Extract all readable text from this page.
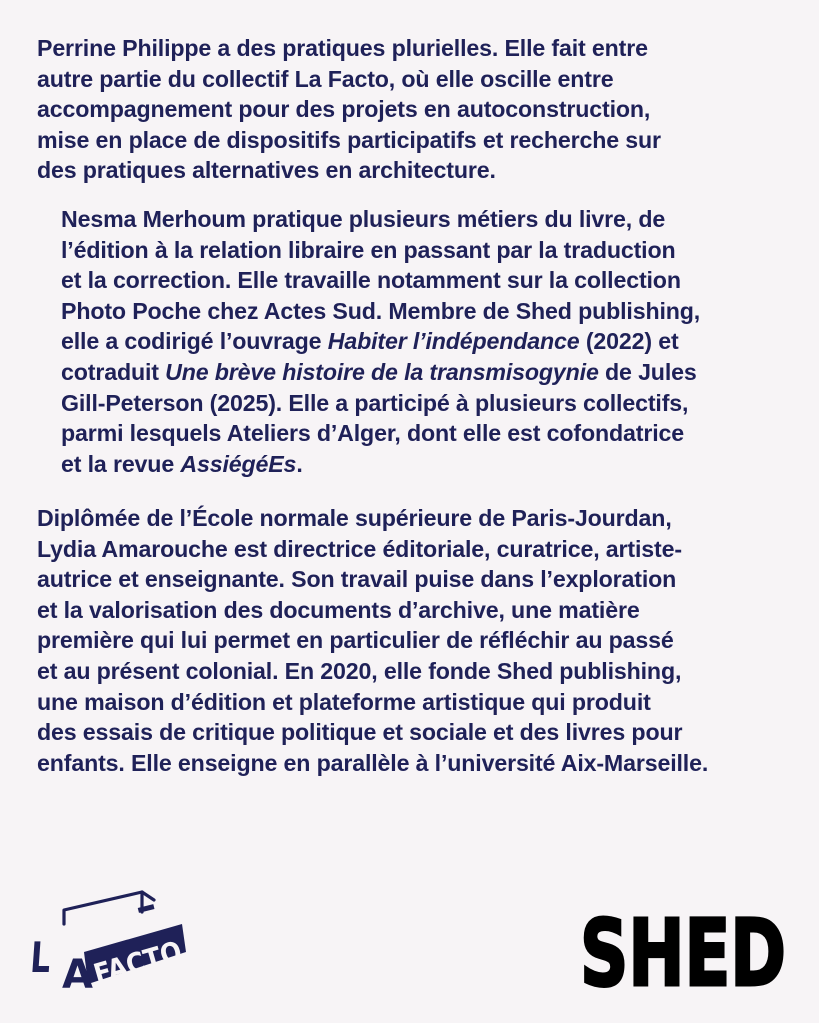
Perrine Philippe a des pratiques plurielles. Elle fait entre
autre partie du collectif La Facto, où elle oscille entre
accompagnement pour des projets en autoconstruction,
mise en place de dispositifs participatifs et recherche sur
des pratiques alternatives en architecture.

Nesma Merhoum pratique plusieurs métiers du livre, de
l’édition à la relation libraire en passant par la traduction
et la correction. Elle travaille notamment sur la collection
Photo Poche chez Actes Sud. Membre de Shed publishing,
elle a codirigé l’ouvrage Habiter l’indépendance (2022) et
cotraduit Une brève histoire de la transmisogynie de Jules
Gill-Peterson (2025). Elle a participé à plusieurs collectifs,
parmi lesquels Ateliers d’Alger, dont elle est cofondatrice
et la revue AssiégéEs.

Diplômée de l’École normale supérieure de Paris-Jourdan,
Lydia Amarouche est directrice éditoriale, curatrice, artiste-
autrice et enseignante. Son travail puise dans l’exploration
et la valorisation des documents d’archive, une matière
première qui lui permet en particulier de réfléchir au passé
et au présent colonial. En 2020, elle fonde Shed publishing,
une maison d’édition et plateforme artistique qui produit
des essais de critique politique et sociale et des livres pour
enfants. Elle enseigne en parallèle à l’université Aix-Marseille.

L A
FACTO	SHED
